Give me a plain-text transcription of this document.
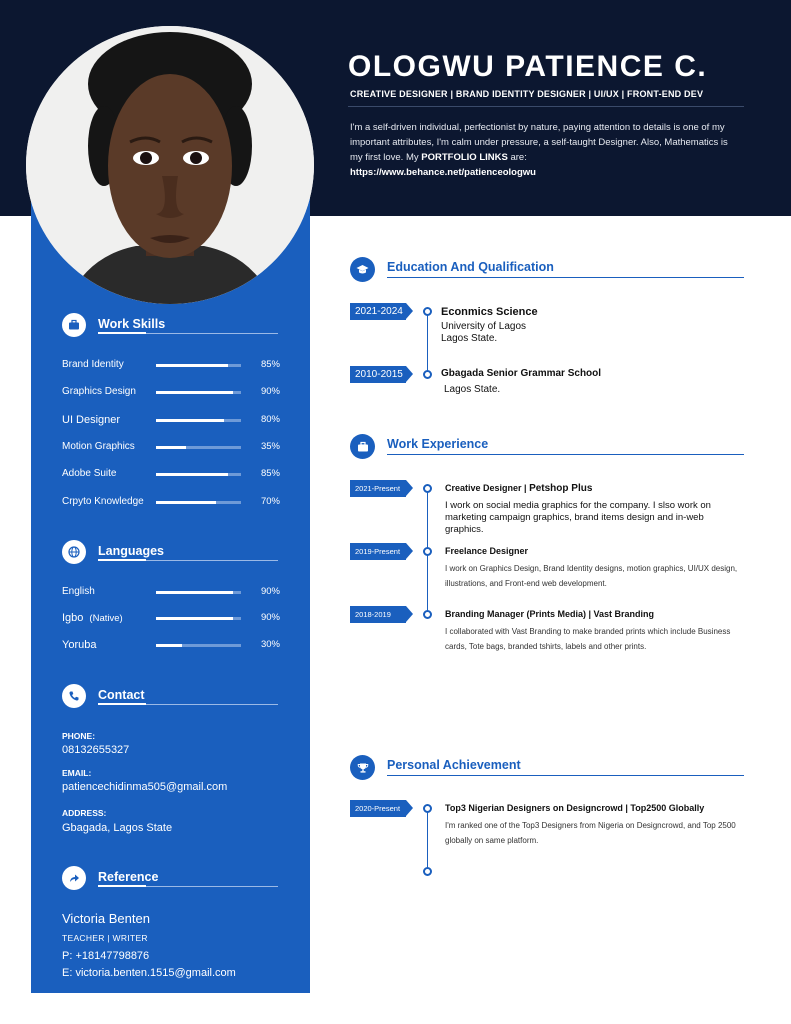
OLOGWU PATIENCE C.
CREATIVE DESIGNER | BRAND IDENTITY DESIGNER | UI/UX | FRONT-END DEV
I'm a self-driven individual, perfectionist by nature, paying attention to details is one of my important attributes, I'm calm under pressure, a self-taught Designer. Also, Mathematics is my first love. My PORTFOLIO LINKS are:
https://www.behance.net/patienceologwu
Work Skills
Brand Identity	85%
Graphics Design	90%
UI Designer	80%
Motion Graphics	35%
Adobe Suite	85%
Crpyto Knowledge	70%
Languages
English	90%
Igbo (Native)	90%
Yoruba	30%
Contact
PHONE:
08132655327
EMAIL:
patiencechidinma505@gmail.com
ADDRESS:
Gbagada, Lagos State
Reference
Victoria Benten
TEACHER | WRITER
P: +18147798876
E: victoria.benten.1515@gmail.com
Education And Qualification
2021-2024	Econmics Science
University of Lagos
Lagos State.
2010-2015	Gbagada Senior Grammar School
Lagos State.
Work Experience
2021-Present	Creative Designer | Petshop Plus
I work on social media graphics for the company. I slso work on marketing campaign graphics, brand items design and in-web graphics.
2019-Present	Freelance Designer
I work on Graphics Design, Brand Identity designs, motion graphics, UI/UX design, illustrations, and Front-end web development.
2018-2019	Branding Manager (Prints Media) | Vast Branding
I collaborated with Vast Branding to make branded prints which include Business cards, Tote bags, branded tshirts, labels and other prints.
Personal Achievement
2020-Present	Top3 Nigerian Designers on Designcrowd | Top2500 Globally
I'm ranked one of the Top3 Designers from Nigeria on Designcrowd, and Top 2500 globally on same platform.
